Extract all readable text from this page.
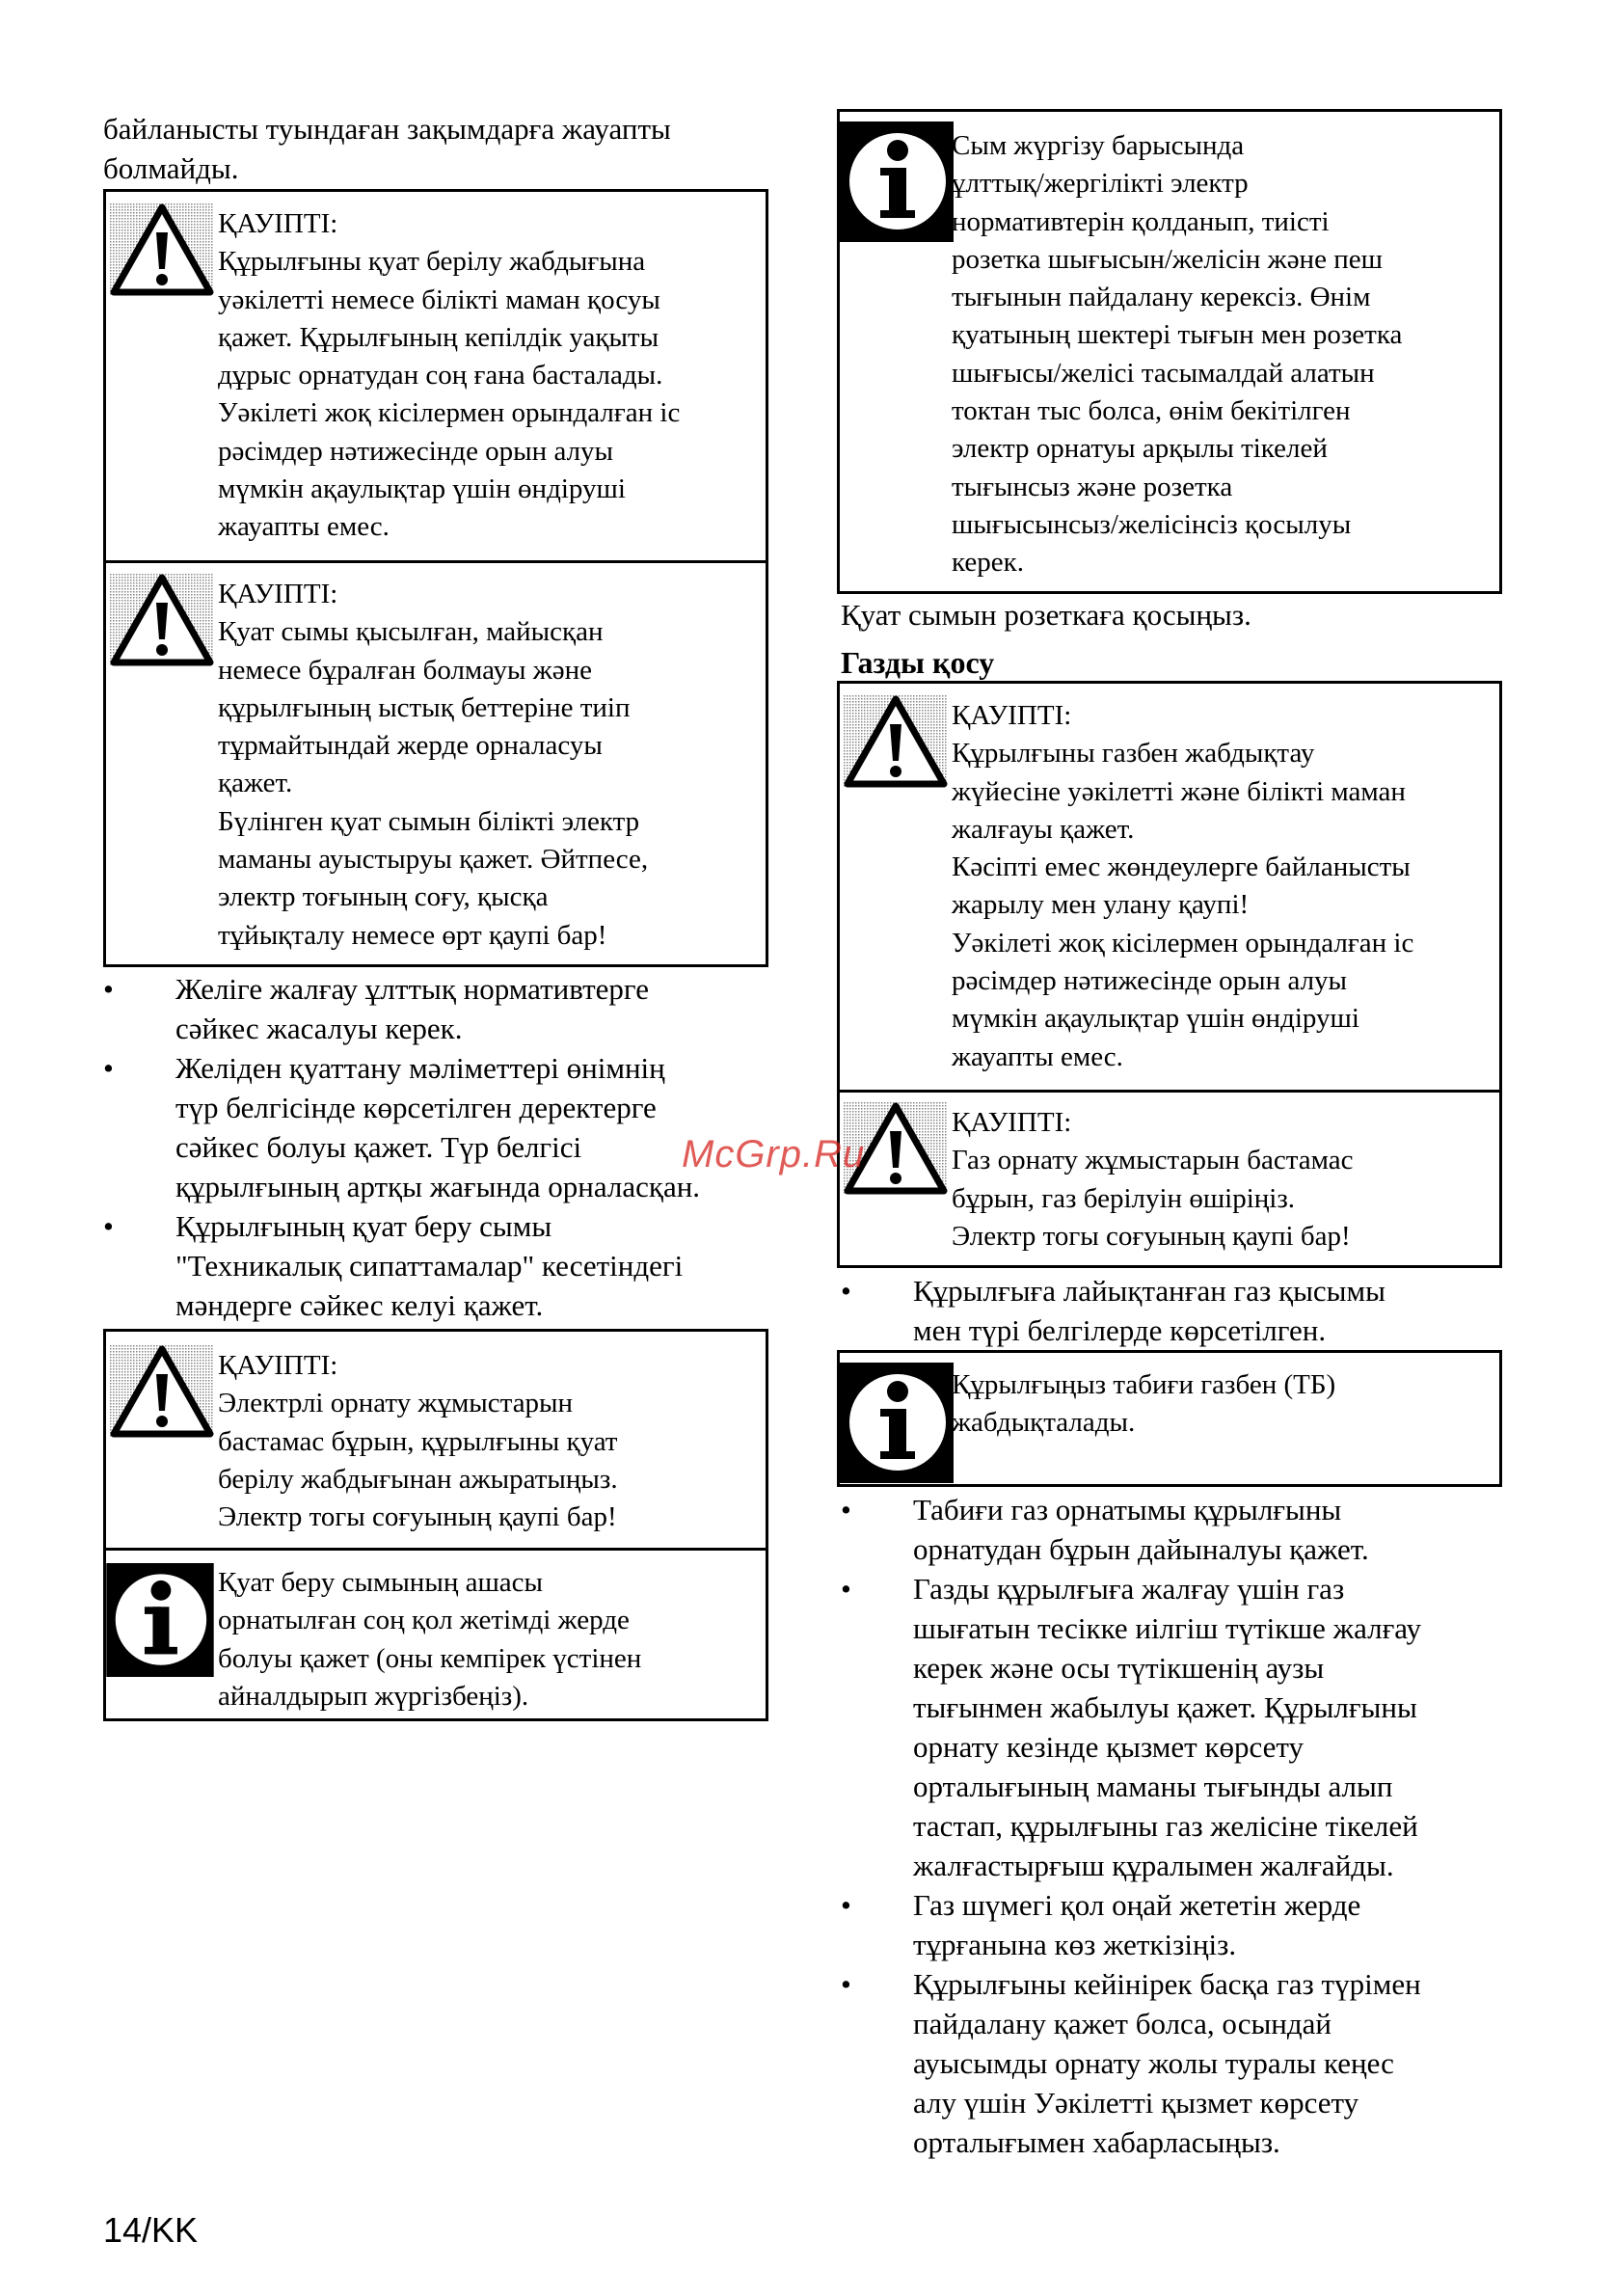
байланысты туындаған зақымдарға жауапты
болмайды.
ҚАУІПТІ:
Құрылғыны қуат берілу жабдығына
уәкілетті немесе білікті маман қосуы
қажет. Құрылғының кепілдік уақыты
дұрыс орнатудан соң ғана басталады.
Уәкілеті жоқ кісілермен орындалған іс
рәсімдер нәтижесінде орын алуы
мүмкін ақаулықтар үшін өндіруші
жауапты емес.
ҚАУІПТІ:
Қуат сымы қысылған, майысқан
немесе бұралған болмауы және
құрылғының ыстық беттеріне тиіп
тұрмайтындай жерде орналасуы
қажет.
Бүлінген қуат сымын білікті электр
маманы ауыстыруы қажет. Әйтпесе,
электр тоғының соғу, қысқа
тұйықталу немесе өрт қаупі бар!
• Желіге жалғау ұлттық нормативтерге
сәйкес жасалуы керек.
• Желіден қуаттану мәліметтері өнімнің
түр белгісінде көрсетілген деректерге
сәйкес болуы қажет. Түр белгісі
құрылғының артқы жағында орналасқан.
• Құрылғының қуат беру сымы
"Техникалық сипаттамалар" кесетіндегі
мәндерге сәйкес келуі қажет.
ҚАУІПТІ:
Электрлі орнату жұмыстарын
бастамас бұрын, құрылғыны қуат
берілу жабдығынан ажыратыңыз.
Электр тогы соғуының қаупі бар!
Қуат беру сымының ашасы
орнатылған соң қол жетімді жерде
болуы қажет (оны кемпірек үстінен
айналдырып жүргізбеңіз).
Сым жүргізу барысында
ұлттық/жергілікті электр
нормативтерін қолданып, тиісті
розетка шығысын/желісін және пеш
тығынын пайдалану керексіз. Өнім
қуатының шектері тығын мен розетка
шығысы/желісі тасымалдай алатын
токтан тыс болса, өнім бекітілген
электр орнатуы арқылы тікелей
тығынсыз және розетка
шығысынсыз/желісінсіз қосылуы
керек.
Қуат сымын розеткаға қосыңыз.
Газды қосу
ҚАУІПТІ:
Құрылғыны газбен жабдықтау
жүйесіне уәкілетті және білікті маман
жалғауы қажет.
Кәсіпті емес жөндеулерге байланысты
жарылу мен улану қаупі!
Уәкілеті жоқ кісілермен орындалған іс
рәсімдер нәтижесінде орын алуы
мүмкін ақаулықтар үшін өндіруші
жауапты емес.
ҚАУІПТІ:
Газ орнату жұмыстарын бастамас
бұрын, газ берілуін өшіріңіз.
Электр тогы соғуының қаупі бар!
• Құрылғыға лайықтанған газ қысымы
мен түрі белгілерде көрсетілген.
Құрылғыңыз табиғи газбен (ТБ)
жабдықталады.
• Табиғи газ орнатымы құрылғыны
орнатудан бұрын дайыналуы қажет.
• Газды құрылғыға жалғау үшін газ
шығатын тесікке иілгіш түтікше жалғау
керек және осы түтікшенің аузы
тығынмен жабылуы қажет. Құрылғыны
орнату кезінде қызмет көрсету
орталығының маманы тығынды алып
тастап, құрылғыны газ желісіне тікелей
жалғастырғыш құралымен жалғайды.
• Газ шүмегі қол оңай жететін жерде
тұрғанына көз жеткізіңіз.
• Құрылғыны кейінірек басқа газ түрімен
пайдалану қажет болса, осындай
ауысымды орнату жолы туралы кеңес
алу үшін Уәкілетті қызмет көрсету
орталығымен хабарласыңыз.
McGrp.Ru
14/KK
